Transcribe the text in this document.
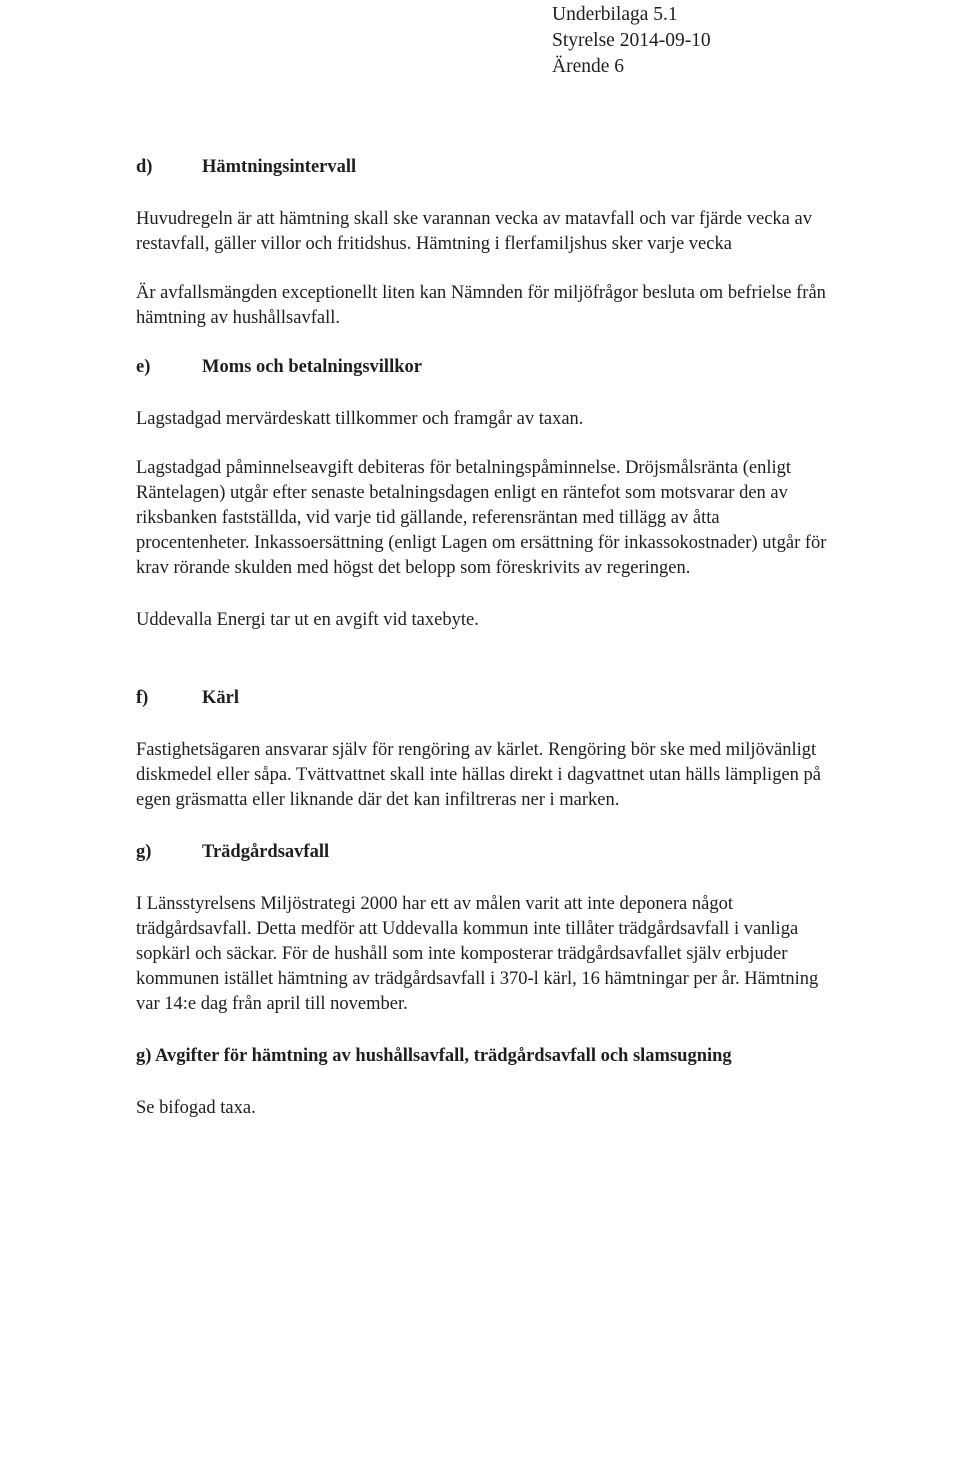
Underbilaga 5.1
Styrelse 2014-09-10
Ärende 6
d)	Hämtningsintervall

Huvudregeln är att hämtning skall ske varannan vecka av matavfall och var fjärde vecka av
restavfall, gäller villor och fritidshus. Hämtning i flerfamiljshus sker varje vecka

Är avfallsmängden exceptionellt liten kan Nämnden för miljöfrågor besluta om befrielse från
hämtning av hushållsavfall.

e)	Moms och betalningsvillkor

Lagstadgad mervärdeskatt tillkommer och framgår av taxan.

Lagstadgad påminnelseavgift debiteras för betalningspåminnelse. Dröjsmålsränta (enligt
Räntelagen) utgår efter senaste betalningsdagen enligt en räntefot som motsvarar den av
riksbanken fastställda, vid varje tid gällande, referensräntan med tillägg av åtta
procentenheter. Inkassoersättning (enligt Lagen om ersättning för inkassokostnader) utgår för
krav rörande skulden med högst det belopp som föreskrivits av regeringen.

Uddevalla Energi tar ut en avgift vid taxebyte.

f)	Kärl

Fastighetsägaren ansvarar själv för rengöring av kärlet. Rengöring bör ske med miljövänligt
diskmedel eller såpa. Tvättvattnet skall inte hällas direkt i dagvattnet utan hälls lämpligen på
egen gräsmatta eller liknande där det kan infiltreras ner i marken.

g)	Trädgårdsavfall

I Länsstyrelsens Miljöstrategi 2000 har ett av målen varit att inte deponera något
trädgårdsavfall. Detta medför att Uddevalla kommun inte tillåter trädgårdsavfall i vanliga
sopkärl och säckar. För de hushåll som inte komposterar trädgårdsavfallet själv erbjuder
kommunen istället hämtning av trädgårdsavfall i 370-l kärl, 16 hämtningar per år. Hämtning
var 14:e dag från april till november.

g) Avgifter för hämtning av hushållsavfall, trädgårdsavfall och slamsugning

Se bifogad taxa.
